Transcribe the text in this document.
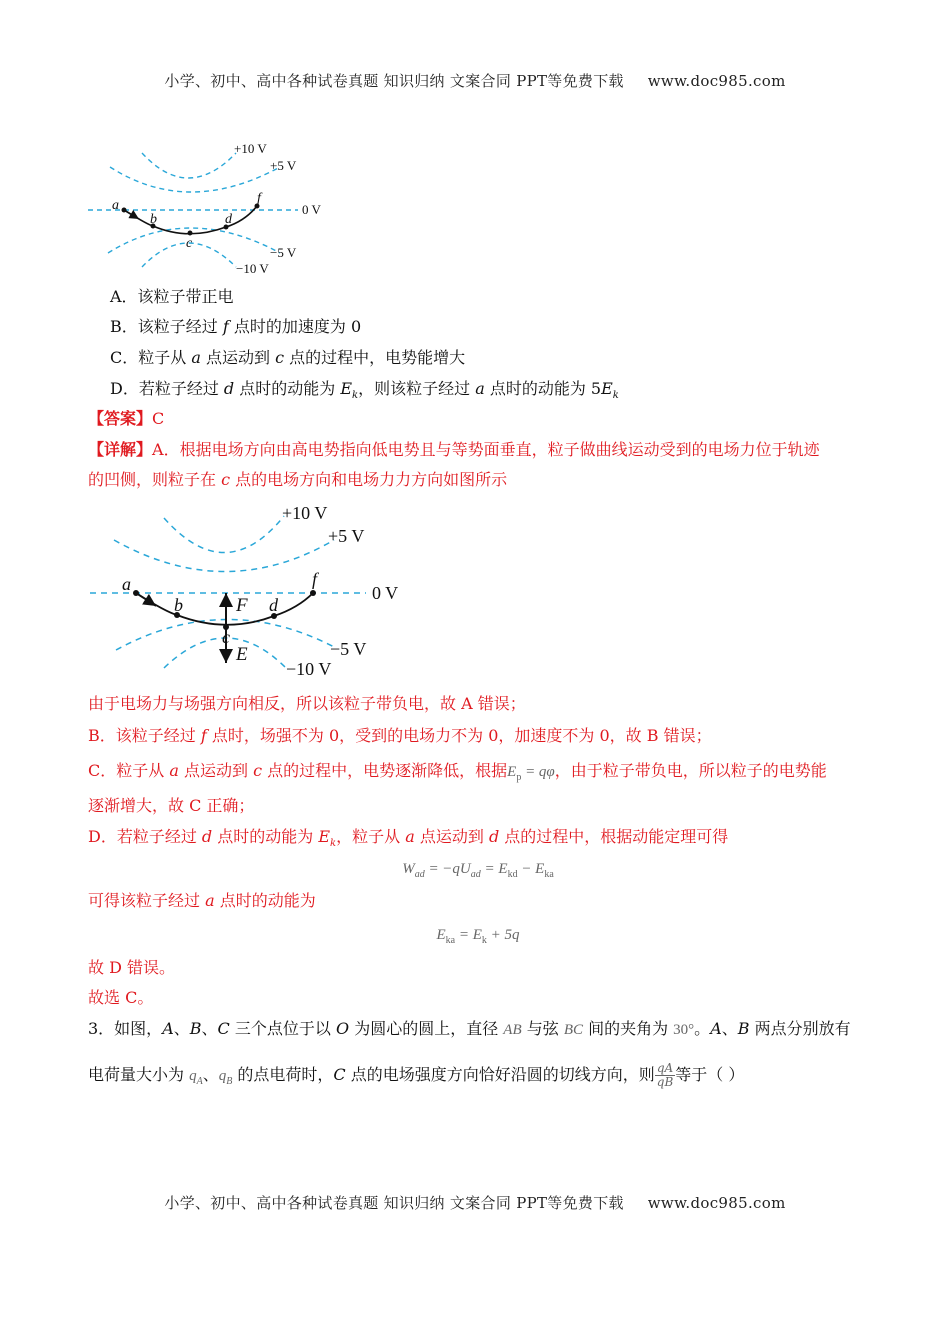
小学、初中、高中各种试卷真题 知识归纳 文案合同 PPT等免费下载 www.doc985.com
a
b
c
d
f
+10 V
+5 V
0 V
−5 V
−10 V
A．该粒子带正电
B．该粒子经过 f 点时的加速度为 0
C．粒子从 a 点运动到 c 点的过程中，电势能增大
D．若粒子经过 d 点时的动能为 $E_k$，则该粒子经过 a 点时的动能为 $5E_k$
【答案】C
【详解】A．根据电场方向由高电势指向低电势且与等势面垂直，粒子做曲线运动受到的电场力位于轨迹
的凹侧，则粒子在 c 点的电场方向和电场力力方向如图所示
a
b
c
d
f
F
E
+10 V
+5 V
0 V
−5 V
−10 V
由于电场力与场强方向相反，所以该粒子带负电，故 A 错误；
B．该粒子经过 f 点时，场强不为 0，受到的电场力不为 0，加速度不为 0，故 B 错误；
C．粒子从 a 点运动到 c 点的过程中，电势逐渐降低，根据$E_p = q\varphi$，由于粒子带负电，所以粒子的电势能
逐渐增大，故 C 正确；
D．若粒子经过 d 点时的动能为 $E_k$，粒子从 a 点运动到 d 点的过程中，根据动能定理可得
$W_{ad} = -qU_{ad} = E_{kd} - E_{ka}$
可得该粒子经过 a 点时的动能为
$E_{ka} = E_k + 5q$
故 D 错误。
故选 C。
3．如图，A、B、C 三个点位于以 O 为圆心的圆上，直径 AB 与弦 BC 间的夹角为 30°。A、B 两点分别放有
电荷量大小为 $q_A$、$q_B$ 的点电荷时，C 点的电场强度方向恰好沿圆的切线方向，则 $\frac{qA}{qB}$ 等于（ ）
小学、初中、高中各种试卷真题 知识归纳 文案合同 PPT等免费下载 www.doc985.com
